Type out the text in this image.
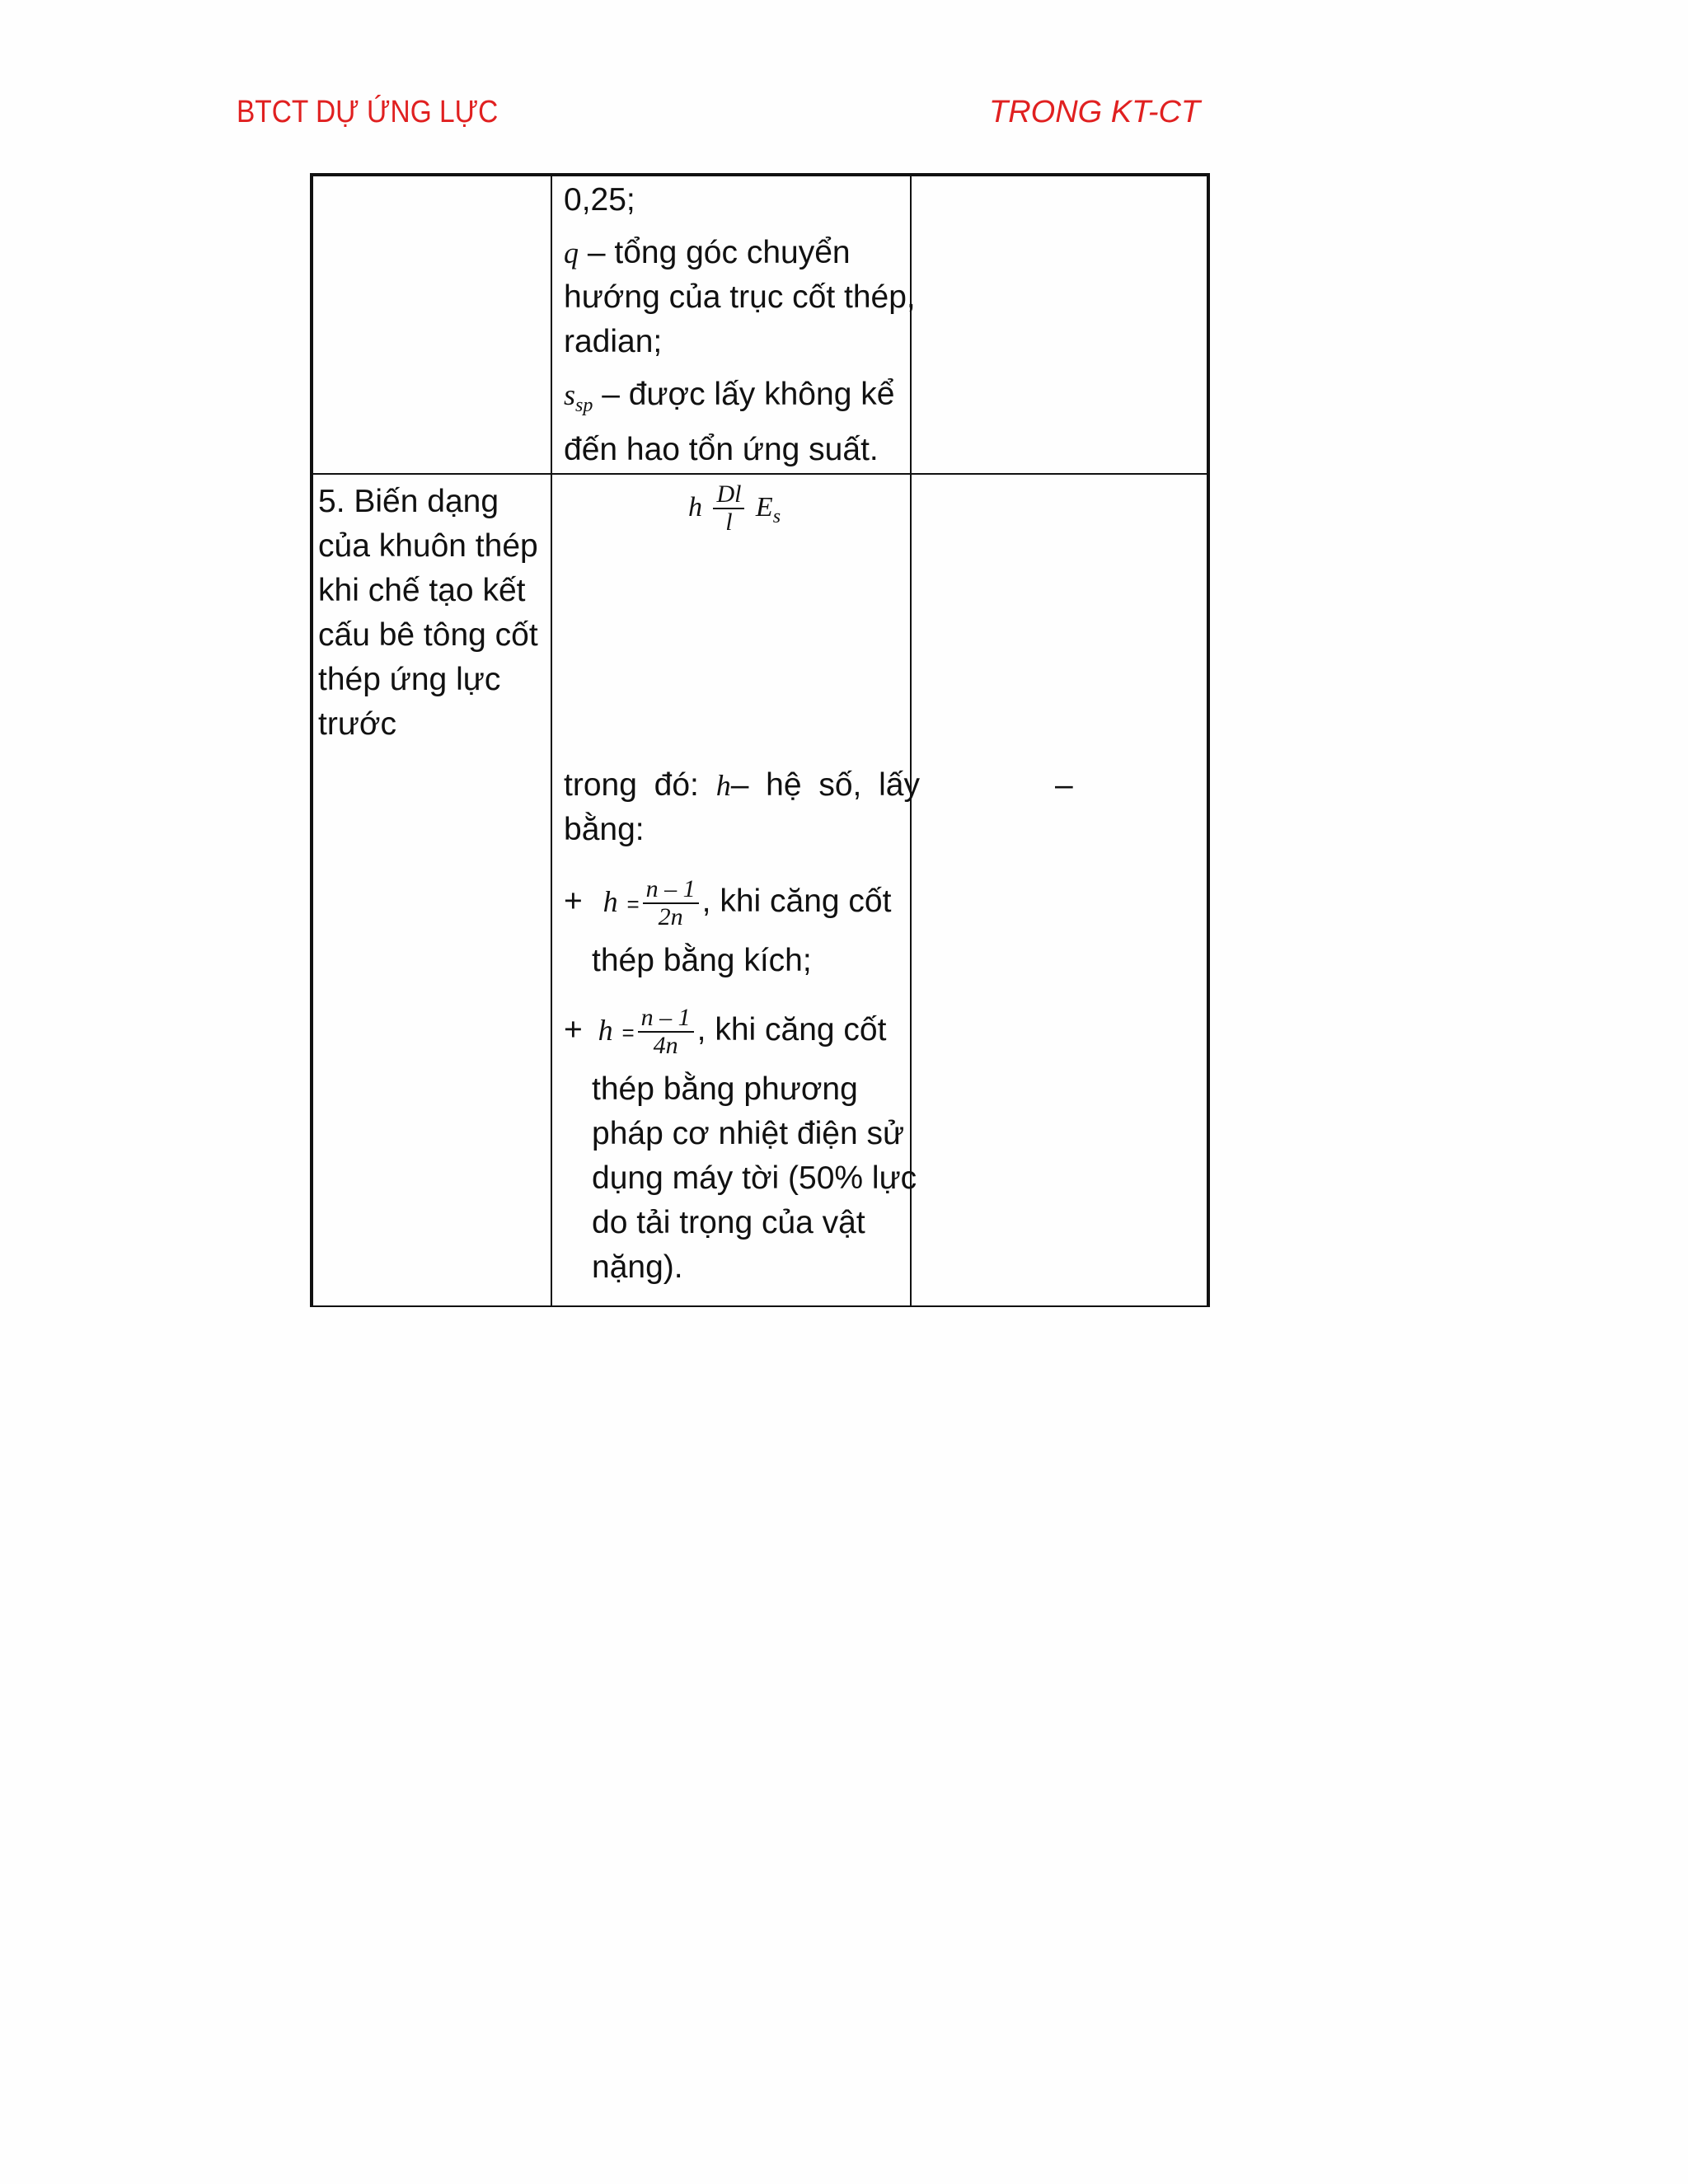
BTCT DỰ ỨNG LỰC	TRONG KT-CT
0,25;
q – tổng góc chuyển
hướng của trục cốt thép,
radian;
$s_{sp}$ – được lấy không kể
đến hao tổn ứng suất.
5. Biến dạng
của khuôn thép
khi chế tạo kết
cấu bê tông cốt
thép ứng lực
trước
h $\frac{Dl}{l} E_s$
trong đó: h– hệ số, lấy
bằng:
+ $h = \frac{n - 1}{2n}$ , khi căng cốt
thép bằng kích;
+ $h = \frac{n - 1}{4n}$ , khi căng cốt
thép bằng phương
pháp cơ nhiệt điện sử
dụng máy tời (50% lực
do tải trọng của vật
nặng).
–
